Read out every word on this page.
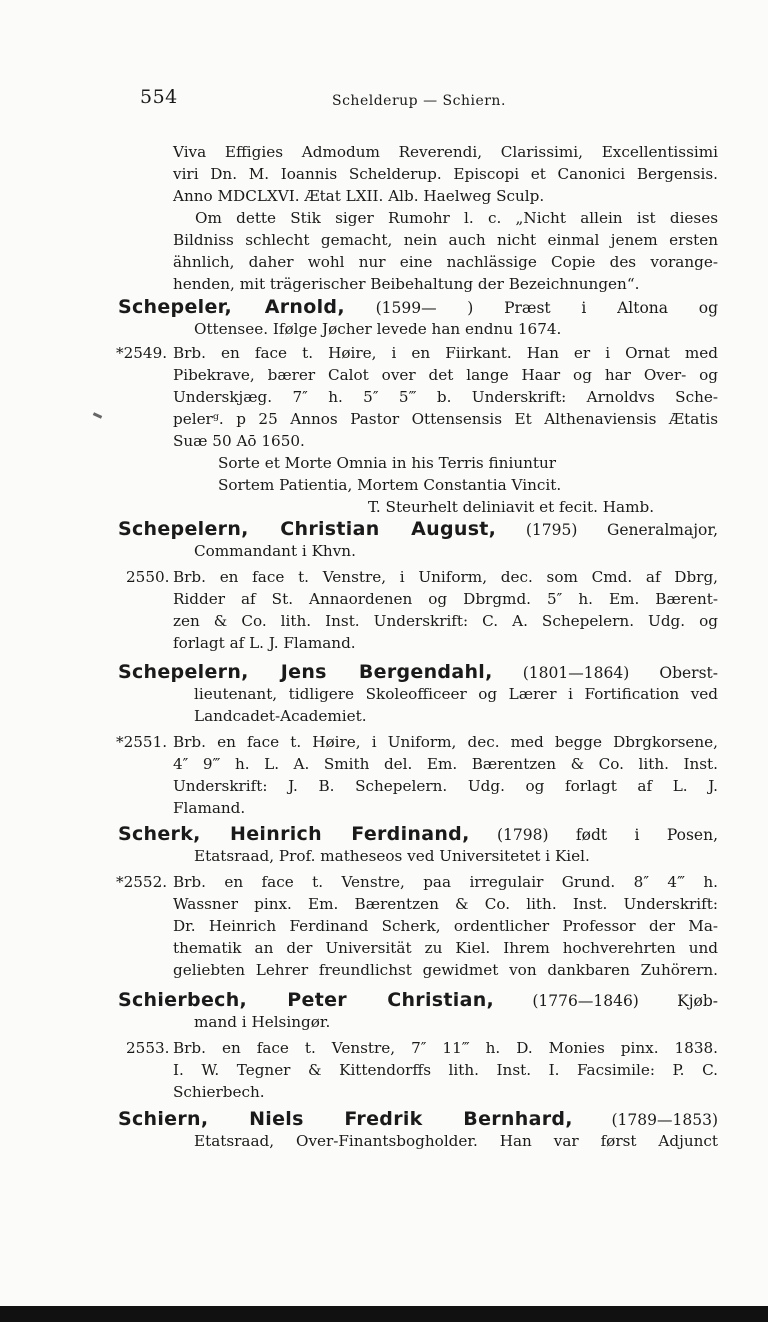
554	Schelderup — Schiern.
Viva Effigies Admodum Reverendi, Clarissimi, Excellentissimi
viri Dn. M. Ioannis Schelderup. Episcopi et Canonici Bergensis.
Anno MDCLXVI. Ætat LXII. Alb. Haelweg Sculp.
Om dette Stik siger Rumohr l. c. „Nicht allein ist dieses
Bildniss schlecht gemacht, nein auch nicht einmal jenem ersten
ähnlich, daher wohl nur eine nachlässige Copie des vorange-
henden, mit trägerischer Beibehaltung der Bezeichnungen“.
Schepeler, Arnold, (1599— ) Præst i Altona og
Ottensee. Ifølge Jøcher levede han endnu 1674.
*2549. Brb. en face t. Høire, i en Fiirkant. Han er i Ornat med
Pibekrave, bærer Calot over det lange Haar og har Over- og
Underskjæg. 7″ h. 5″ 5‴ b. Underskrift: Arnoldvs Sche-
pelerᵍ. p 25 Annos Pastor Ottensensis Et Althenaviensis Ætatis
Suæ 50 Aō 1650.
Sorte et Morte Omnia in his Terris finiuntur
Sortem Patientia, Mortem Constantia Vincit.
T. Steurhelt deliniavit et fecit. Hamb.
Schepelern, Christian August, (1795) Generalmajor,
Commandant i Khvn.
2550. Brb. en face t. Venstre, i Uniform, dec. som Cmd. af Dbrg,
Ridder af St. Annaordenen og Dbrgmd. 5″ h. Em. Bærent-
zen & Co. lith. Inst. Underskrift: C. A. Schepelern. Udg. og
forlagt af L. J. Flamand.
Schepelern, Jens Bergendahl, (1801—1864) Oberst-
lieutenant, tidligere Skoleofficeer og Lærer i Fortification ved
Landcadet-Academiet.
*2551. Brb. en face t. Høire, i Uniform, dec. med begge Dbrgkorsene,
4″ 9‴ h. L. A. Smith del. Em. Bærentzen & Co. lith. Inst.
Underskrift: J. B. Schepelern. Udg. og forlagt af L. J.
Flamand.
Scherk, Heinrich Ferdinand, (1798) født i Posen,
Etatsraad, Prof. matheseos ved Universitetet i Kiel.
*2552. Brb. en face t. Venstre, paa irregulair Grund. 8″ 4‴ h.
Wassner pinx. Em. Bærentzen & Co. lith. Inst. Underskrift:
Dr. Heinrich Ferdinand Scherk, ordentlicher Professor der Ma-
thematik an der Universität zu Kiel. Ihrem hochverehrten und
geliebten Lehrer freundlichst gewidmet von dankbaren Zuhörern.
Schierbech, Peter Christian, (1776—1846) Kjøb-
mand i Helsingør.
2553. Brb. en face t. Venstre, 7″ 11‴ h. D. Monies pinx. 1838.
I. W. Tegner & Kittendorffs lith. Inst. I. Facsimile: P. C.
Schierbech.
Schiern, Niels Fredrik Bernhard, (1789—1853)
Etatsraad, Over-Finantsbogholder. Han var først Adjunct
